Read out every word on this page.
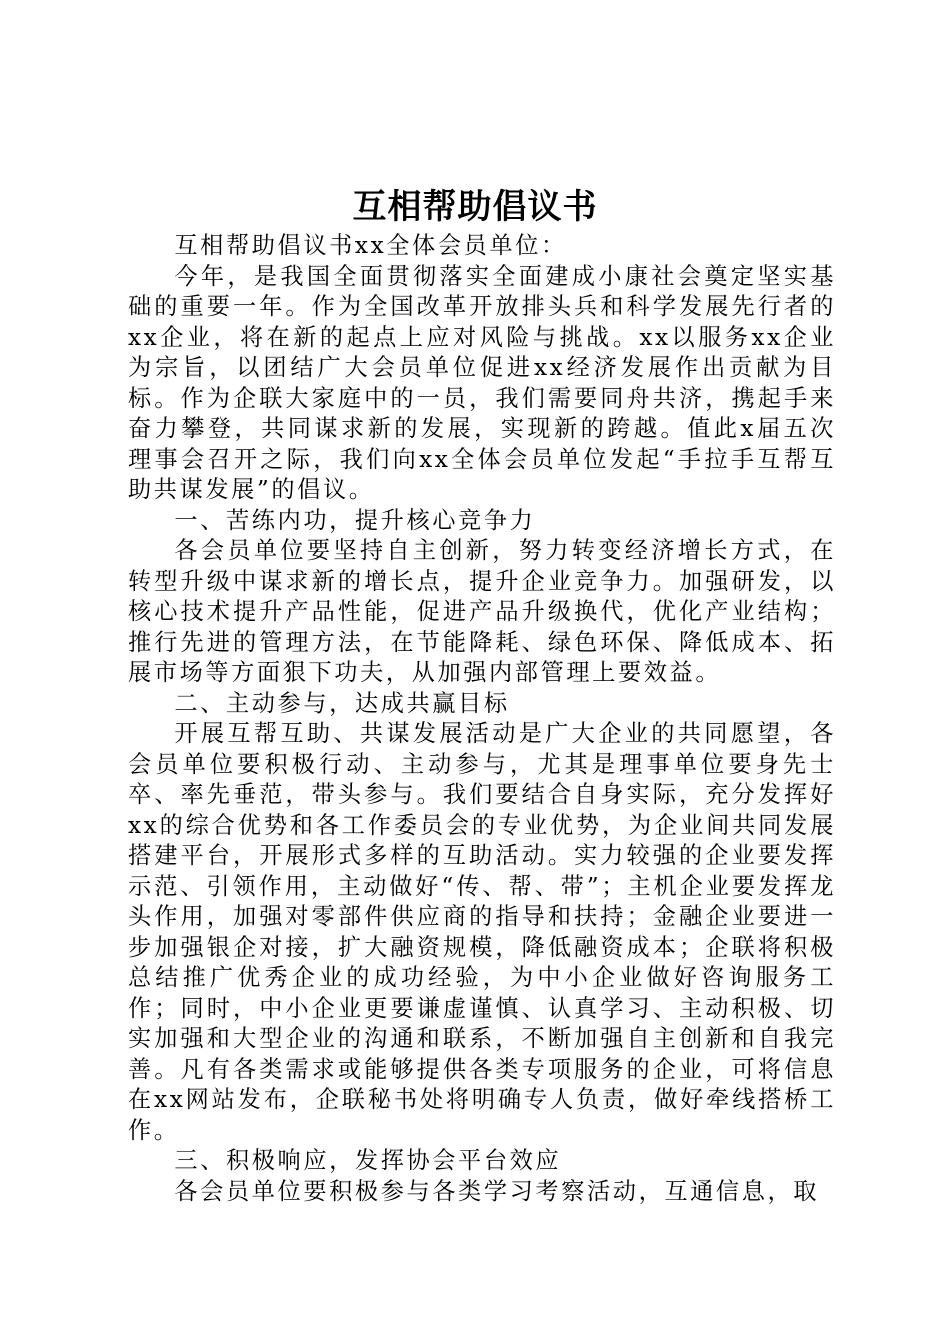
互相帮助倡议书

互相帮助倡议书xx全体会员单位：

今年，是我国全面贯彻落实全面建成小康社会奠定坚实基础的重要一年。作为全国改革开放排头兵和科学发展先行者的xx企业，将在新的起点上应对风险与挑战。xx以服务xx企业为宗旨，以团结广大会员单位促进xx经济发展作出贡献为目标。作为企联大家庭中的一员，我们需要同舟共济，携起手来奋力攀登，共同谋求新的发展，实现新的跨越。值此x届五次理事会召开之际，我们向xx全体会员单位发起“手拉手互帮互助共谋发展”的倡议。

一、苦练内功，提升核心竞争力

各会员单位要坚持自主创新，努力转变经济增长方式，在转型升级中谋求新的增长点，提升企业竞争力。加强研发，以核心技术提升产品性能，促进产品升级换代，优化产业结构；推行先进的管理方法，在节能降耗、绿色环保、降低成本、拓展市场等方面狠下功夫，从加强内部管理上要效益。

二、主动参与，达成共赢目标

开展互帮互助、共谋发展活动是广大企业的共同愿望，各会员单位要积极行动、主动参与，尤其是理事单位要身先士卒、率先垂范，带头参与。我们要结合自身实际，充分发挥好xx的综合优势和各工作委员会的专业优势，为企业间共同发展搭建平台，开展形式多样的互助活动。实力较强的企业要发挥示范、引领作用，主动做好“传、帮、带”；主机企业要发挥龙头作用，加强对零部件供应商的指导和扶持；金融企业要进一步加强银企对接，扩大融资规模，降低融资成本；企联将积极总结推广优秀企业的成功经验，为中小企业做好咨询服务工作；同时，中小企业更要谦虚谨慎、认真学习、主动积极、切实加强和大型企业的沟通和联系，不断加强自主创新和自我完善。凡有各类需求或能够提供各类专项服务的企业，可将信息在xx网站发布，企联秘书处将明确专人负责，做好牵线搭桥工作。

三、积极响应，发挥协会平台效应

各会员单位要积极参与各类学习考察活动，互通信息，取
